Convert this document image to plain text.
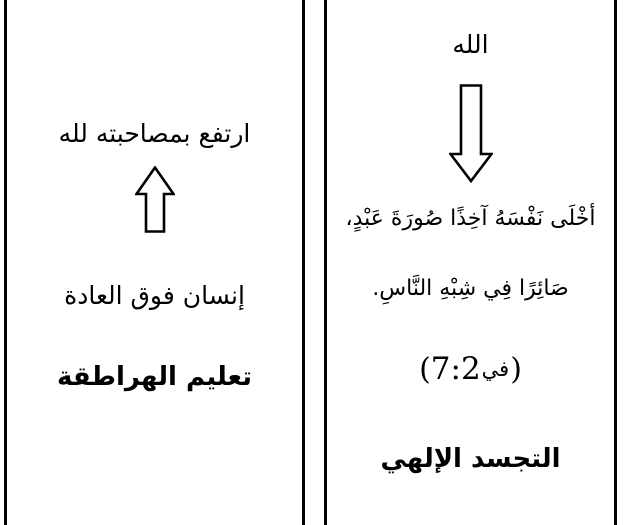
ارتفع بمصاحبته لله
إنسان فوق العادة
تعليم الهراطقة
الله
أخْلَى نَفْسَهُ آخِذًا صُورَةَ عَبْدٍ،
صَائِرًا فِي شِبْهِ النَّاسِ.
( 7:2 في )
التجسد الإلهي
